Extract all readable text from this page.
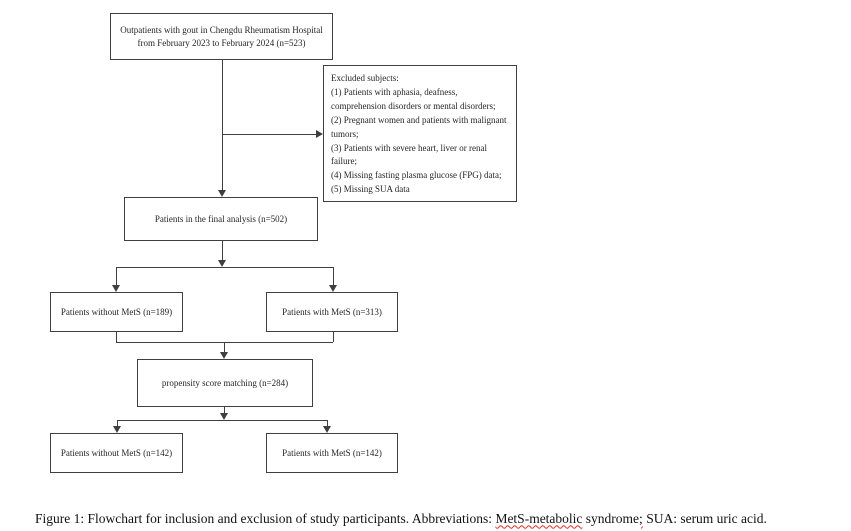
Outpatients with gout in Chengdu Rheumatism Hospital
from February 2023 to February 2024 (n=523)
Excluded subjects:
(1) Patients with aphasia, deafness,
comprehension disorders or mental disorders;
(2) Pregnant women and patients with malignant
tumors;
(3) Patients with severe heart, liver or renal
failure;
(4) Missing fasting plasma glucose (FPG) data;
(5) Missing SUA data
Patients in the final analysis (n=502)
Patients without MetS (n=189)	Patients with MetS (n=313)
propensity score matching (n=284)
Patients without MetS (n=142)	Patients with MetS (n=142)

Figure 1: Flowchart for inclusion and exclusion of study participants. Abbreviations: MetS-metabolic syndrome; SUA: serum uric acid.
